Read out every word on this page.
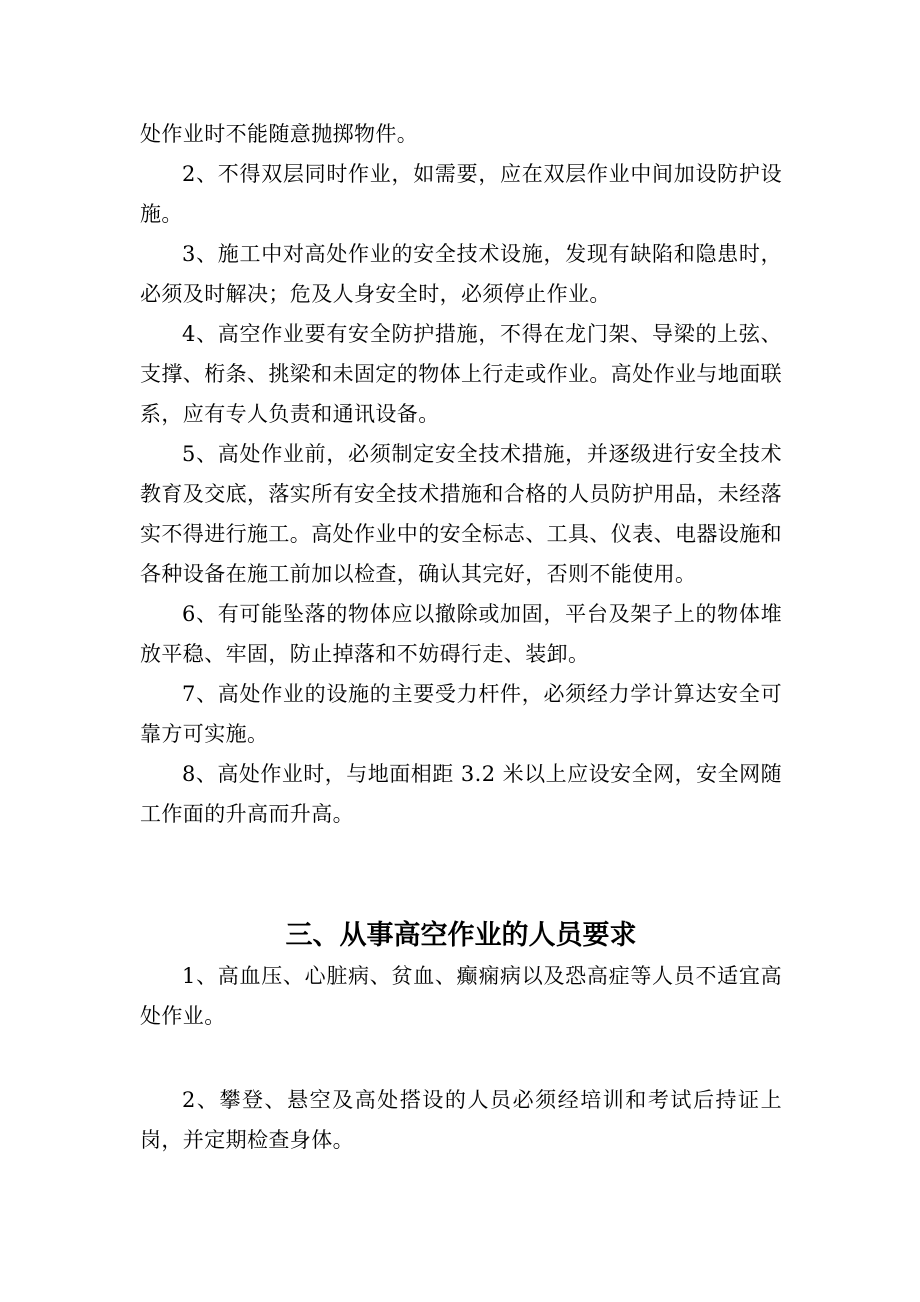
处作业时不能随意抛掷物件。

2、不得双层同时作业，如需要，应在双层作业中间加设防护设施。

3、施工中对高处作业的安全技术设施，发现有缺陷和隐患时，必须及时解决；危及人身安全时，必须停止作业。

4、高空作业要有安全防护措施，不得在龙门架、导梁的上弦、支撑、桁条、挑梁和未固定的物体上行走或作业。高处作业与地面联系，应有专人负责和通讯设备。

5、高处作业前，必须制定安全技术措施，并逐级进行安全技术教育及交底，落实所有安全技术措施和合格的人员防护用品，未经落实不得进行施工。高处作业中的安全标志、工具、仪表、电器设施和各种设备在施工前加以检查，确认其完好，否则不能使用。

6、有可能坠落的物体应以撤除或加固，平台及架子上的物体堆放平稳、牢固，防止掉落和不妨碍行走、装卸。

7、高处作业的设施的主要受力杆件，必须经力学计算达安全可靠方可实施。

8、高处作业时，与地面相距 3.2 米以上应设安全网，安全网随工作面的升高而升高。

三、从事高空作业的人员要求

1、高血压、心脏病、贫血、癫痫病以及恐高症等人员不适宜高处作业。

2、攀登、悬空及高处搭设的人员必须经培训和考试后持证上岗，并定期检查身体。
